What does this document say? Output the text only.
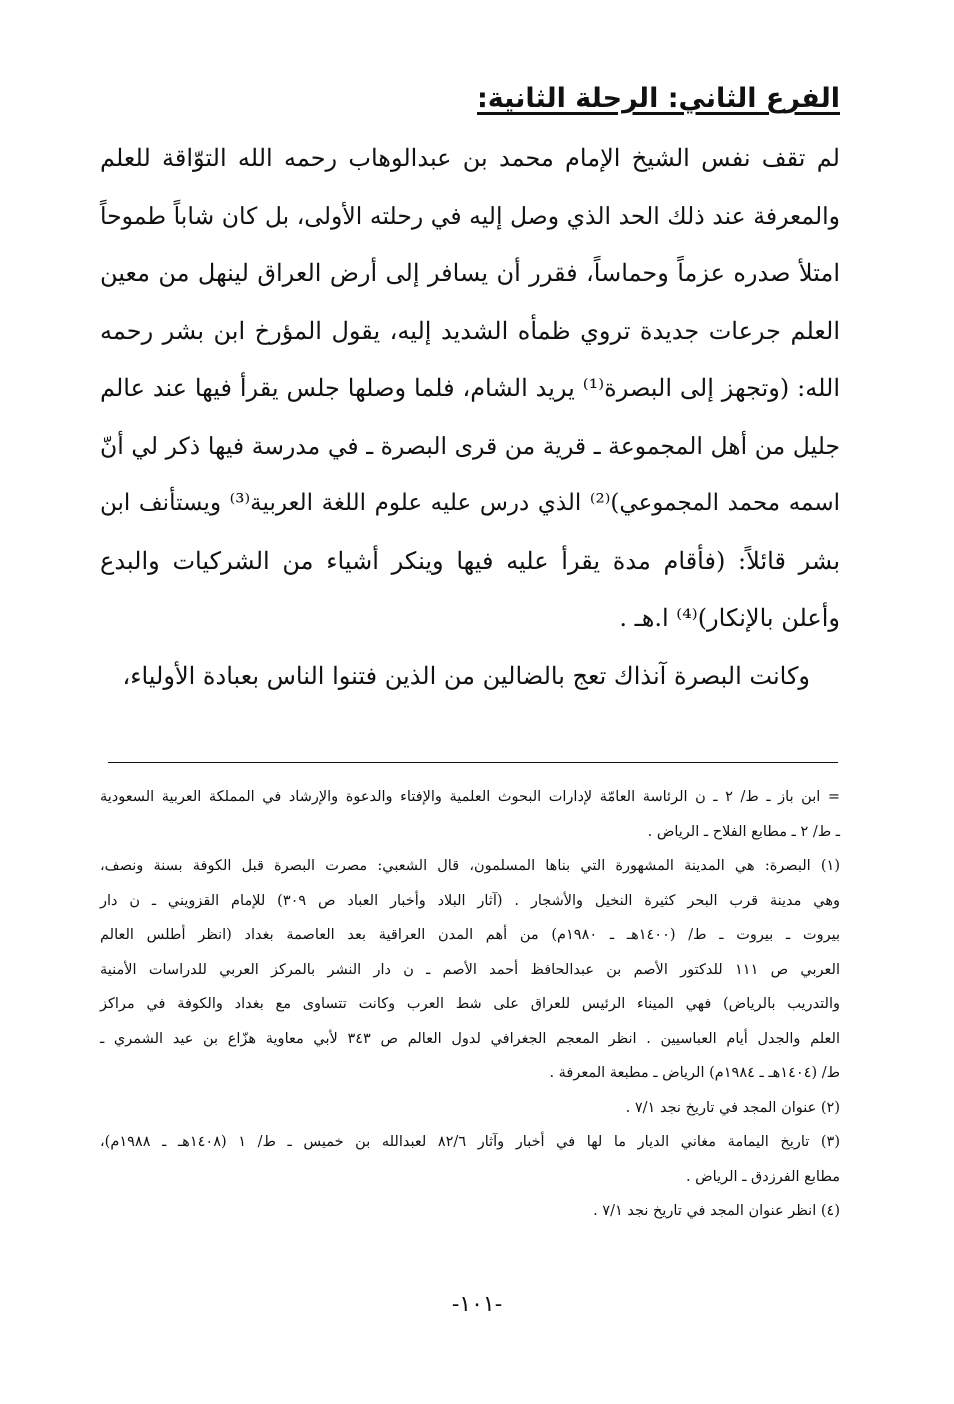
الفرع الثاني: الرحلة الثانية:
لم تقف نفس الشيخ الإمام محمد بن عبدالوهاب رحمه الله التوّاقة للعلم
والمعرفة عند ذلك الحد الذي وصل إليه في رحلته الأولى، بل كان شاباً طموحاً
امتلأ صدره عزماً وحماساً، فقرر أن يسافر إلى أرض العراق لينهل من معين
العلم جرعات جديدة تروي ظمأه الشديد إليه، يقول المؤرخ ابن بشر رحمه
الله: (وتجهز إلى البصرة⁽¹⁾ يريد الشام، فلما وصلها جلس يقرأ فيها عند عالم
جليل من أهل المجموعة ـ قرية من قرى البصرة ـ في مدرسة فيها ذكر لي أنّ
اسمه محمد المجموعي)⁽²⁾ الذي درس عليه علوم اللغة العربية⁽³⁾ ويستأنف ابن
بشر قائلاً: (فأقام مدة يقرأ عليه فيها وينكر أشياء من الشركيات والبدع
وأعلن بالإنكار)⁽⁴⁾ ا.هـ .
وكانت البصرة آنذاك تعج بالضالين من الذين فتنوا الناس بعبادة الأولياء،
= ابن باز ـ ط/ ٢ ـ ن الرئاسة العامّة لإدارات البحوث العلمية والإفتاء والدعوة والإرشاد في المملكة العربية السعودية
ـ ط/ ٢ ـ مطابع الفلاح ـ الرياض .
(١) البصرة: هي المدينة المشهورة التي بناها المسلمون، قال الشعبي: مصرت البصرة قبل الكوفة بسنة ونصف،
وهي مدينة قرب البحر كثيرة النخيل والأشجار . (آثار البلاد وأخبار العباد ص ٣٠٩) للإمام القزويني ـ ن دار
بيروت ـ بيروت ـ ط/ (١٤٠٠هـ ـ ١٩٨٠م) من أهم المدن العراقية بعد العاصمة بغداد (انظر أطلس العالم
العربي ص ١١١ للدكتور الأصم بن عبدالحافظ أحمد الأصم ـ ن دار النشر بالمركز العربي للدراسات الأمنية
والتدريب بالرياض) فهي الميناء الرئيس للعراق على شط العرب وكانت تتساوى مع بغداد والكوفة في مراكز
العلم والجدل أيام العباسيين . انظر المعجم الجغرافي لدول العالم ص ٣٤٣ لأبي معاوية هزّاع بن عيد الشمري ـ
ط/ (١٤٠٤هـ ـ ١٩٨٤م) الرياض ـ مطبعة المعرفة .
(٢) عنوان المجد في تاريخ نجد ٧/١ .
(٣) تاريخ اليمامة مغاني الديار ما لها في أخبار وآثار ٨٢/٦ لعبدالله بن خميس ـ ط/ ١ (١٤٠٨هـ ـ ١٩٨٨م)،
مطابع الفرزدق ـ الرياض .
(٤) انظر عنوان المجد في تاريخ نجد ٧/١ .
-١٠١-
